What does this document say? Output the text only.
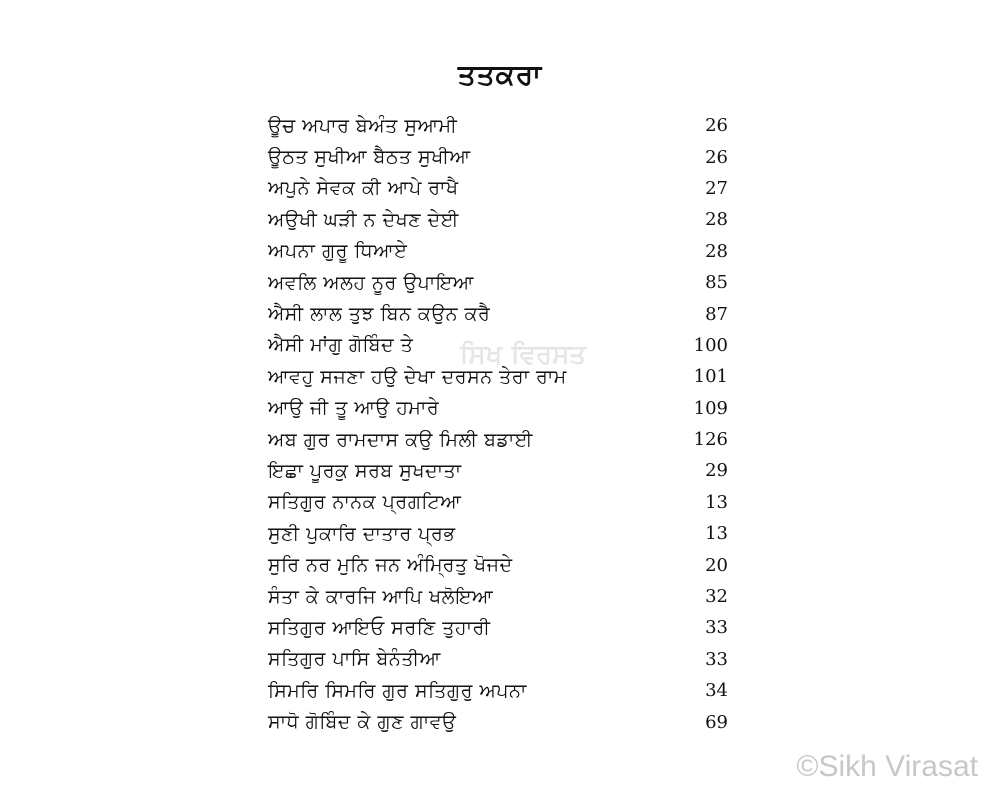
ਤਤਕਰਾ
ਊਚ ਅਪਾਰ ਬੇਅੰਤ ਸੁਆਮੀ	26
ਊਠਤ ਸੁਖੀਆ ਬੈਠਤ ਸੁਖੀਆ	26
ਅਪੁਨੇ ਸੇਵਕ ਕੀ ਆਪੇ ਰਾਖੈ	27
ਅਉਖੀ ਘੜੀ ਨ ਦੇਖਣ ਦੇਈ	28
ਅਪਨਾ ਗੁਰੂ ਧਿਆਏ	28
ਅਵਲਿ ਅਲਹ ਨੂਰ ਉਪਾਇਆ	85
ਐਸੀ ਲਾਲ ਤੁਝ ਬਿਨ ਕਉਨ ਕਰੈ	87
ਐਸੀ ਮਾਂਗੁ ਗੋਬਿੰਦ ਤੇ	100
ਆਵਹੁ ਸਜਣਾ ਹਉ ਦੇਖਾ ਦਰਸਨ ਤੇਰਾ ਰਾਮ	101
ਆਉ ਜੀ ਤੂ ਆਉ ਹਮਾਰੇ	109
ਅਬ ਗੁਰ ਰਾਮਦਾਸ ਕਉ ਮਿਲੀ ਬਡਾਈ	126
ਇਛਾ ਪੂਰਕੁ ਸਰਬ ਸੁਖਦਾਤਾ	29
ਸਤਿਗੁਰ ਨਾਨਕ ਪ੍ਰਗਟਿਆ	13
ਸੁਣੀ ਪੁਕਾਰਿ ਦਾਤਾਰ ਪ੍ਰਭ	13
ਸੁਰਿ ਨਰ ਮੁਨਿ ਜਨ ਅੰਮ੍ਰਿਤੁ ਖੋਜਦੇ	20
ਸੰਤਾ ਕੇ ਕਾਰਜਿ ਆਪਿ ਖਲੋਇਆ	32
ਸਤਿਗੁਰ ਆਇਓ ਸਰਣਿ ਤੁਹਾਰੀ	33
ਸਤਿਗੁਰ ਪਾਸਿ ਬੇਨੰਤੀਆ	33
ਸਿਮਰਿ ਸਿਮਰਿ ਗੁਰ ਸਤਿਗੁਰੁ ਅਪਨਾ	34
ਸਾਧੋ ਗੋਬਿੰਦ ਕੇ ਗੁਣ ਗਾਵਉ	69
ਸਿਖ ਵਿਰਸਤ
©Sikh Virasat
